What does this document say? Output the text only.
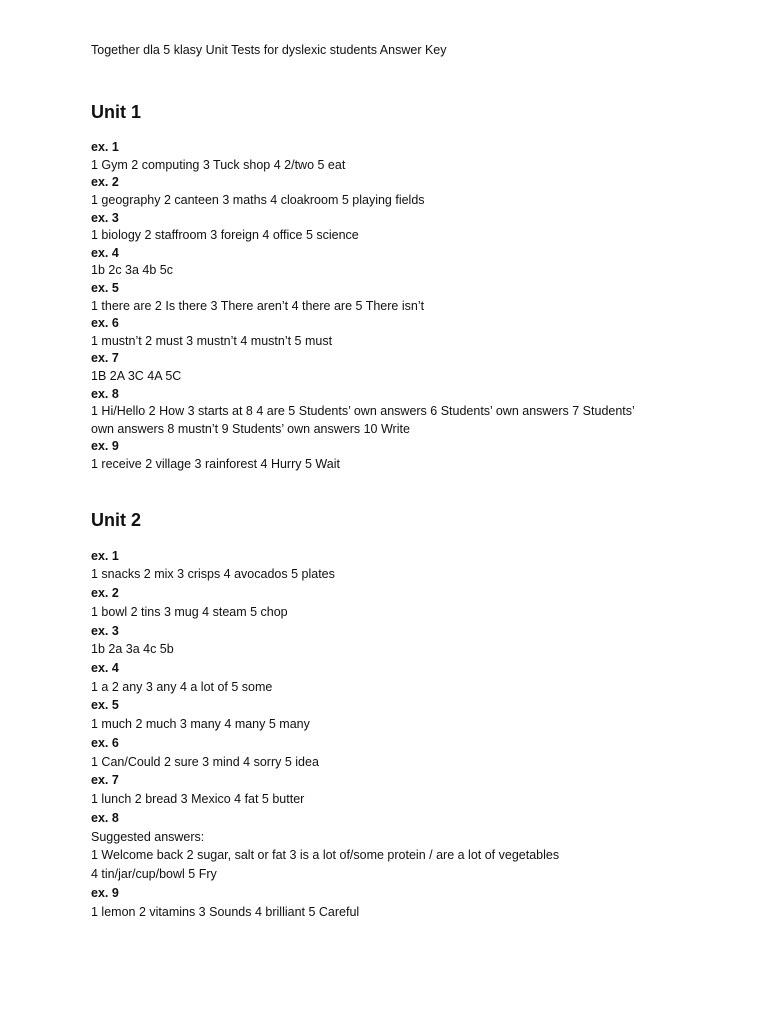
Together dla 5 klasy Unit Tests for dyslexic students Answer Key
Unit 1
ex. 1
1 Gym 2 computing 3 Tuck shop 4 2/two 5 eat
ex. 2
1 geography 2 canteen 3 maths 4 cloakroom 5 playing fields
ex. 3
1 biology 2 staffroom 3 foreign 4 office 5 science
ex. 4
1b 2c 3a 4b 5c
ex. 5
1 there are 2 Is there 3 There aren’t 4 there are 5 There isn’t
ex. 6
1 mustn’t 2 must 3 mustn’t 4 mustn’t 5 must
ex. 7
1B 2A 3C 4A 5C
ex. 8
1 Hi/Hello 2 How 3 starts at 8 4 are 5 Students’ own answers 6 Students’ own answers 7 Students’
own answers 8 mustn’t 9 Students’ own answers 10 Write
ex. 9
1 receive 2 village 3 rainforest 4 Hurry 5 Wait
Unit 2
ex. 1
1 snacks 2 mix 3 crisps 4 avocados 5 plates
ex. 2
1 bowl 2 tins 3 mug 4 steam 5 chop
ex. 3
1b 2a 3a 4c 5b
ex. 4
1 a 2 any 3 any 4 a lot of 5 some
ex. 5
1 much 2 much 3 many 4 many 5 many
ex. 6
1 Can/Could 2 sure 3 mind 4 sorry 5 idea
ex. 7
1 lunch 2 bread 3 Mexico 4 fat 5 butter
ex. 8
Suggested answers:
1 Welcome back 2 sugar, salt or fat 3 is a lot of/some protein / are a lot of vegetables
4 tin/jar/cup/bowl 5 Fry
ex. 9
1 lemon 2 vitamins 3 Sounds 4 brilliant 5 Careful
